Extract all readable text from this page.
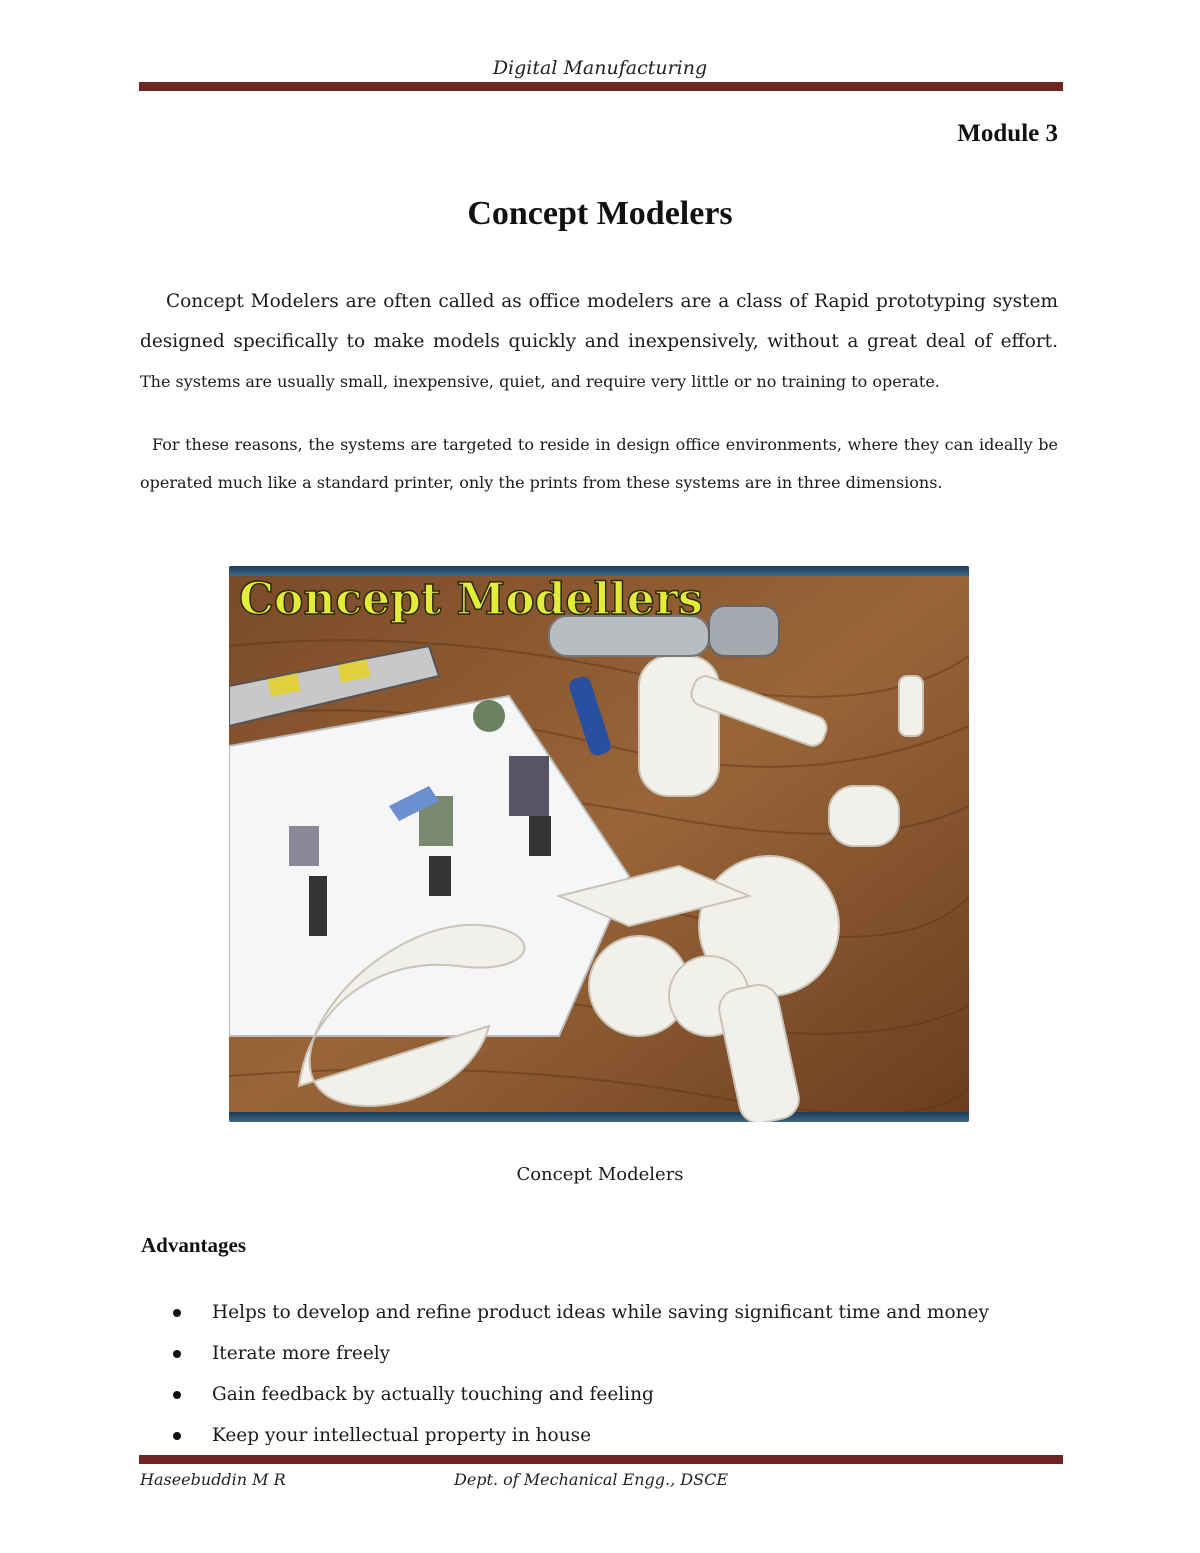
Digital Manufacturing
Module 3
Concept Modelers
Concept Modelers are often called as office modelers are a class of Rapid prototyping system designed specifically to make models quickly and inexpensively, without a great deal of effort. The systems are usually small, inexpensive, quiet, and require very little or no training to operate.
For these reasons, the systems are targeted to reside in design office environments, where they can ideally be operated much like a standard printer, only the prints from these systems are in three dimensions.
Concept Modellers
Concept Modelers
Advantages
Helps to develop and refine product ideas while saving significant time and money
Iterate more freely
Gain feedback by actually touching and feeling
Keep your intellectual property in house
Haseebuddin M R	Dept. of Mechanical Engg., DSCE
